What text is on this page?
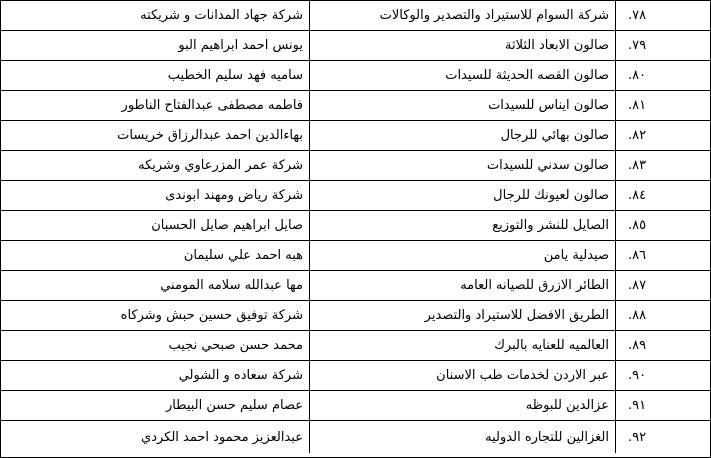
٧٨.
شركة السوام للاستيراد والتصدير والوكالات
شركة جهاد المدانات و شريكته
٧٩.
صالون الابعاد الثلاثة
يونس احمد ابراهيم البو
٨٠.
صالون القصه الحديثة للسيدات
ساميه فهد سليم الخطيب
٨١.
صالون ايناس للسيدات
فاطمه مصطفى عبدالفتاح الناطور
٨٢.
صالون بهائي للرجال
بهاءالدين احمد عبدالرزاق خريسات
٨٣.
صالون سدني للسيدات
شركة عمر المزرعاوي وشريكه
٨٤.
صالون لعيونك للرجال
شركة رياض ومهند ابوندى
٨٥.
الصايل للنشر والتوزيع
صايل ابراهيم صايل الحسبان
٨٦.
صيدلية يامن
هبه احمد علي سليمان
٨٧.
الطائر الازرق للصيانه العامه
مها عبدالله سلامه المومني
٨٨.
الطريق الافضل للاستيراد والتصدير
شركة توفيق حسين حبش وشركاه
٨٩.
العالميه للعنايه بالبرك
محمد حسن صبحي نجيب
٩٠.
عبر الاردن لخدمات طب الاسنان
شركة سعاده و الشولي
٩١.
عزالدين للبوظه
عصام سليم حسن البيطار
٩٢.
الغزالين للتجاره الدوليه
عبدالعزيز محمود احمد الكردي
